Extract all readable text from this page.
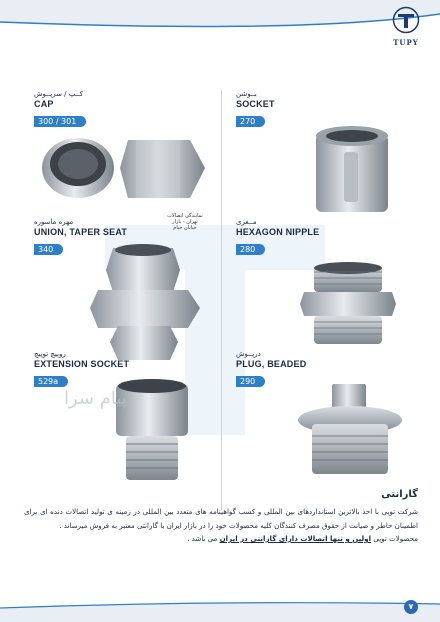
TUPY
کــپ / سرپــوش
CAP
300 / 301
بــوشن
SOCKET
270
مهره ماسوره
UNION, TAPER SEAT
340
نمایندگی اتصالات
تهران - بازار
خیابان خیام
مــغزی
HEXAGON NIPPLE
280
روپیچ توپیچ
EXTENSION SOCKET
529a
پیام سرا
درپــوش
PLUG, BEADED
290
گارانتی
شرکت توپی با اخذ بالاترین استانداردهای بین المللی و کسب گواهینامه های متعدد بین المللی در زمینه ی تولید اتصالات دنده ای برای اطمینان خاطر و صیانت از حقوق مصرف کنندگان کلیه محصولات خود را در بازار ایران با گارانتی معتبر به فروش میرساند .
محصولات توپی اولین و تنها اتصالات دارای گارانتی در ایران می باشد .
۷
